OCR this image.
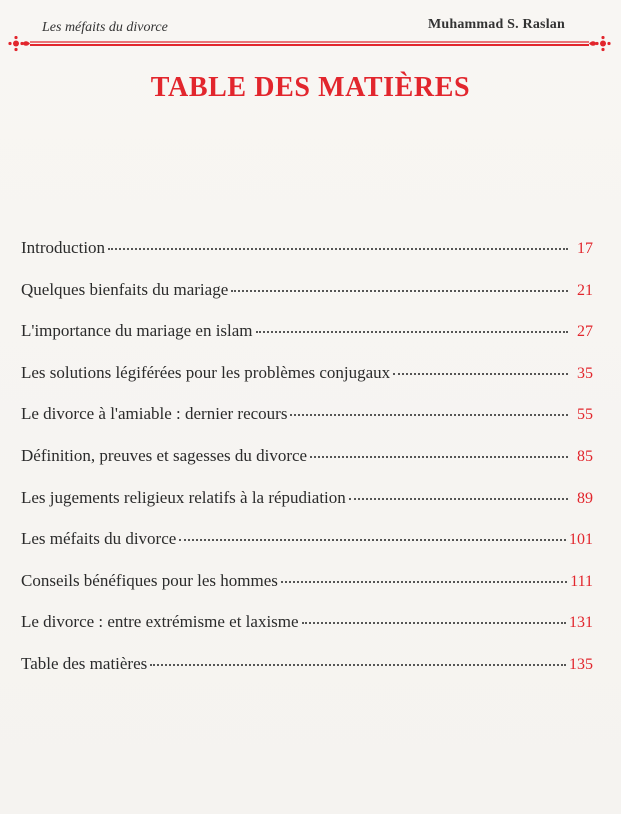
Les méfaits du divorce	Muhammad S. Raslan
TABLE DES MATIÈRES
Introduction	17
Quelques bienfaits du mariage	21
L'importance du mariage en islam	27
Les solutions légiférées pour les problèmes conjugaux	35
Le divorce à l'amiable : dernier recours	55
Définition, preuves et sagesses du divorce	85
Les jugements religieux relatifs à la répudiation	89
Les méfaits du divorce	101
Conseils bénéfiques pour les hommes	111
Le divorce : entre extrémisme et laxisme	131
Table des matières	135
